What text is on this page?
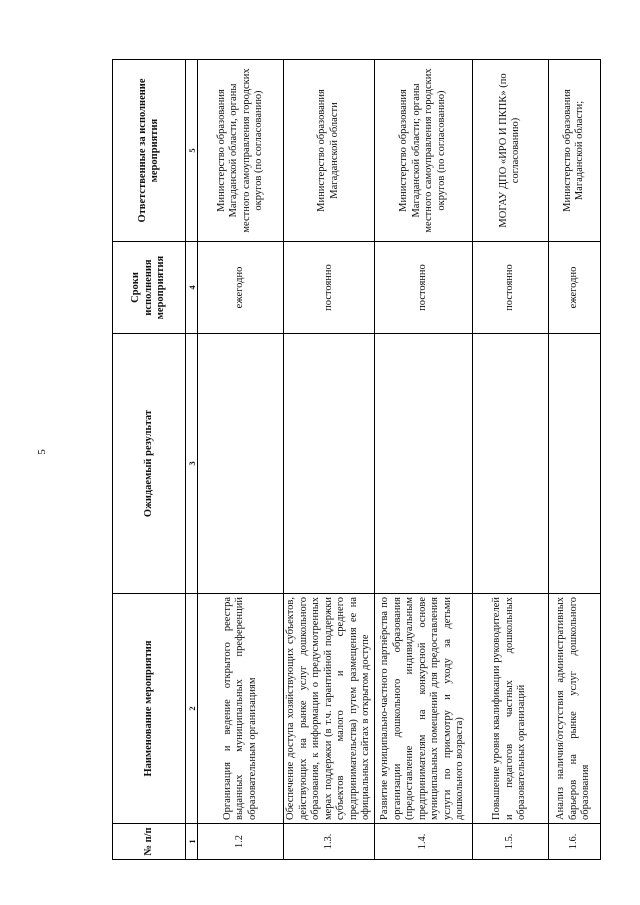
5
№ п/п	Наименование мероприятия	Ожидаемый результат	Сроки исполнения мероприятия	Ответственные за исполнение мероприятия
1	2	3	4	5
1.2	Организация и ведение открытого реестра выданных муниципальных преференций образовательным организациям		ежегодно	Министерство образования Магаданской области, органы местного самоуправления городских округов (по согласованию)
1.3.	Обеспечение доступа хозяйствующих субъектов, действующих на рынке услуг дошкольного образования, к информации о предусмотренных мерах поддержки (в т.ч. гарантийной поддержки субъектов малого и среднего предпринимательства) путем размещения ее на официальных сайтах в открытом доступе		постоянно	Министерство образования Магаданской области
1.4.	Развитие муниципально-частного партнёрства по организации дошкольного образования (предоставление индивидуальным предпринимателям на конкурсной основе муниципальных помещений для предоставления услуги по присмотру и уходу за детьми дошкольного возраста)		постоянно	Министерство образования Магаданской области; органы местного самоуправления городских округов (по согласованию)
1.5.	Повышение уровня квалификации руководителей и педагогов частных дошкольных образовательных организаций		постоянно	МОГАУ ДПО «ИРО И ПКПК» (по согласованию)
1.6.	Анализ наличия/отсутствия административных барьеров на рынке услуг дошкольного образования		ежегодно	Министерство образования Магаданской области;
